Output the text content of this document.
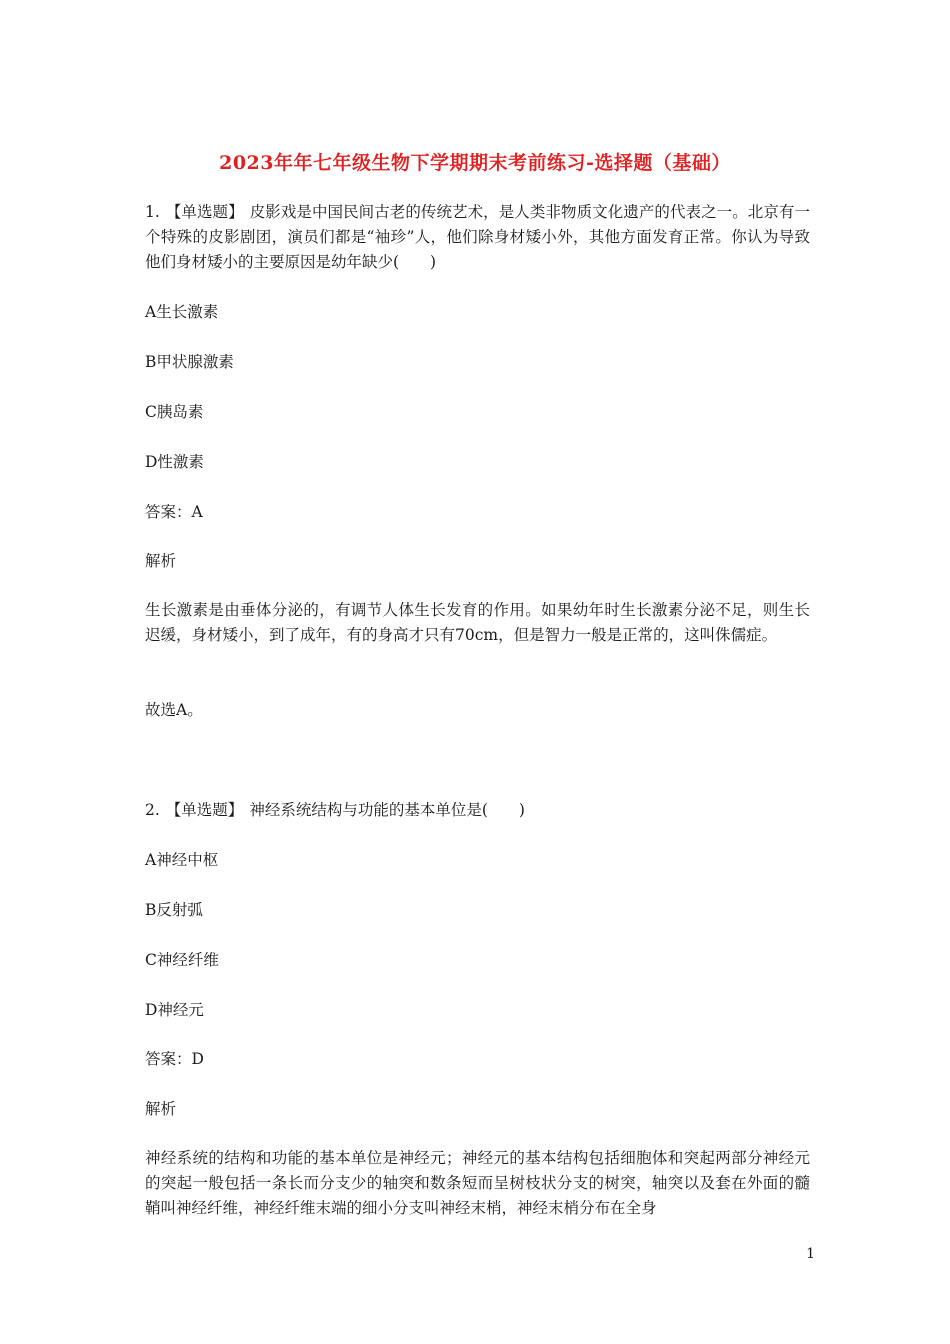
2023年年七年级生物下学期期末考前练习-选择题（基础）
1. 【单选题】 皮影戏是中国民间古老的传统艺术，是人类非物质文化遗产的代表之一。北京有一个特殊的皮影剧团，演员们都是“袖珍”人，他们除身材矮小外，其他方面发育正常。你认为导致他们身材矮小的主要原因是幼年缺少(　　)
A生长激素
B甲状腺激素
C胰岛素
D性激素
答案：A
解析
生长激素是由垂体分泌的，有调节人体生长发育的作用。如果幼年时生长激素分泌不足，则生长迟缓，身材矮小，到了成年，有的身高才只有70cm，但是智力一般是正常的，这叫侏儒症。
故选A。
2. 【单选题】 神经系统结构与功能的基本单位是(　　)
A神经中枢
B反射弧
C神经纤维
D神经元
答案：D
解析
神经系统的结构和功能的基本单位是神经元；神经元的基本结构包括细胞体和突起两部分神经元的突起一般包括一条长而分支少的轴突和数条短而呈树枝状分支的树突，轴突以及套在外面的髓鞘叫神经纤维，神经纤维末端的细小分支叫神经末梢，神经末梢分布在全身
1
